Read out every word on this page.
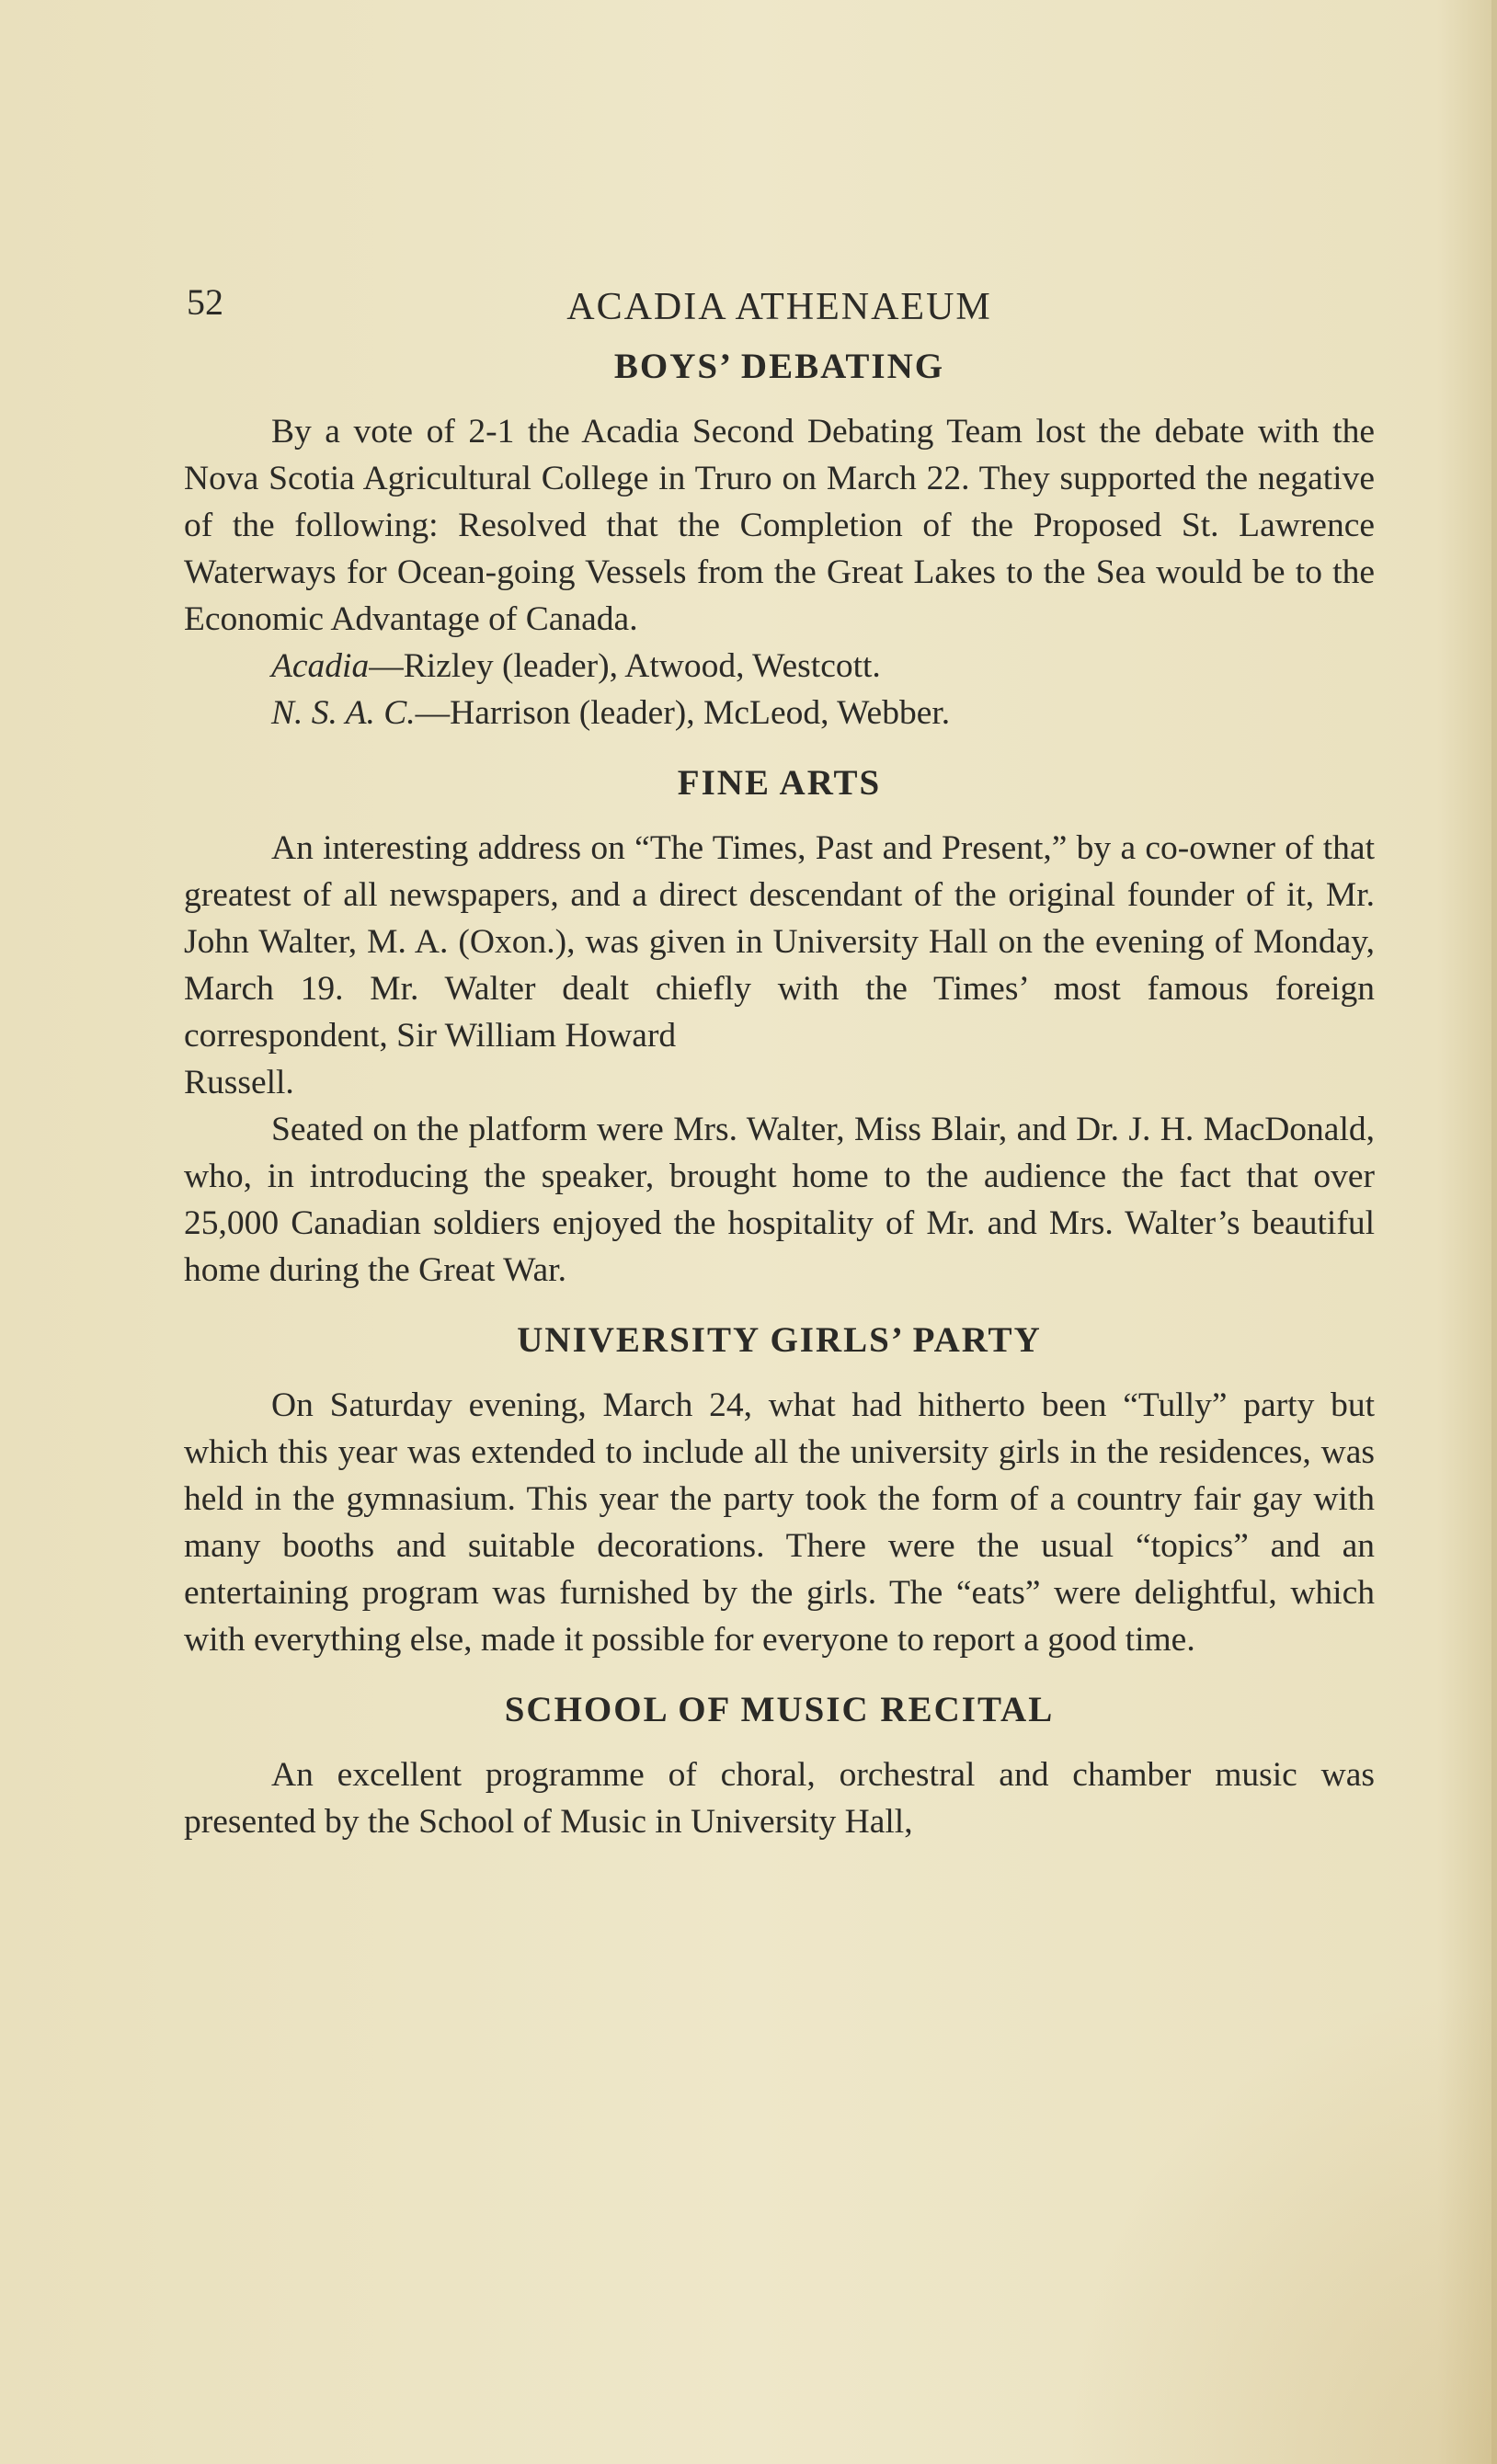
52	ACADIA ATHENAEUM
BOYS’ DEBATING

By a vote of 2-1 the Acadia Second Debating Team lost the debate with the Nova Scotia Agricultural College in Truro on March 22. They supported the negative of the following: Resolved that the Completion of the Proposed St. Lawrence Waterways for Ocean-going Vessels from the Great Lakes to the Sea would be to the Economic Advantage of Canada.

Acadia—Rizley (leader), Atwood, Westcott.

N. S. A. C.—Harrison (leader), McLeod, Webber.

FINE ARTS

An interesting address on “The Times, Past and Present,” by a co-owner of that greatest of all newspapers, and a direct descendant of the original founder of it, Mr. John Walter, M. A. (Oxon.), was given in University Hall on the evening of Monday, March 19. Mr. Walter dealt chiefly with the Times’ most famous foreign correspondent, Sir William Howard

Russell.

Seated on the platform were Mrs. Walter, Miss Blair, and Dr. J. H. MacDonald, who, in introducing the speaker, brought home to the audience the fact that over 25,000 Canadian soldiers enjoyed the hospitality of Mr. and Mrs. Walter’s beautiful home during the Great War.

UNIVERSITY GIRLS’ PARTY

On Saturday evening, March 24, what had hitherto been “Tully” party but which this year was extended to include all the university girls in the residences, was held in the gymnasium. This year the party took the form of a country fair gay with many booths and suitable decorations. There were the usual “topics” and an entertaining program was furnished by the girls. The “eats” were delightful, which with everything else, made it possible for everyone to report a good time.

SCHOOL OF MUSIC RECITAL

An excellent programme of choral, orchestral and chamber music was presented by the School of Music in University Hall,
